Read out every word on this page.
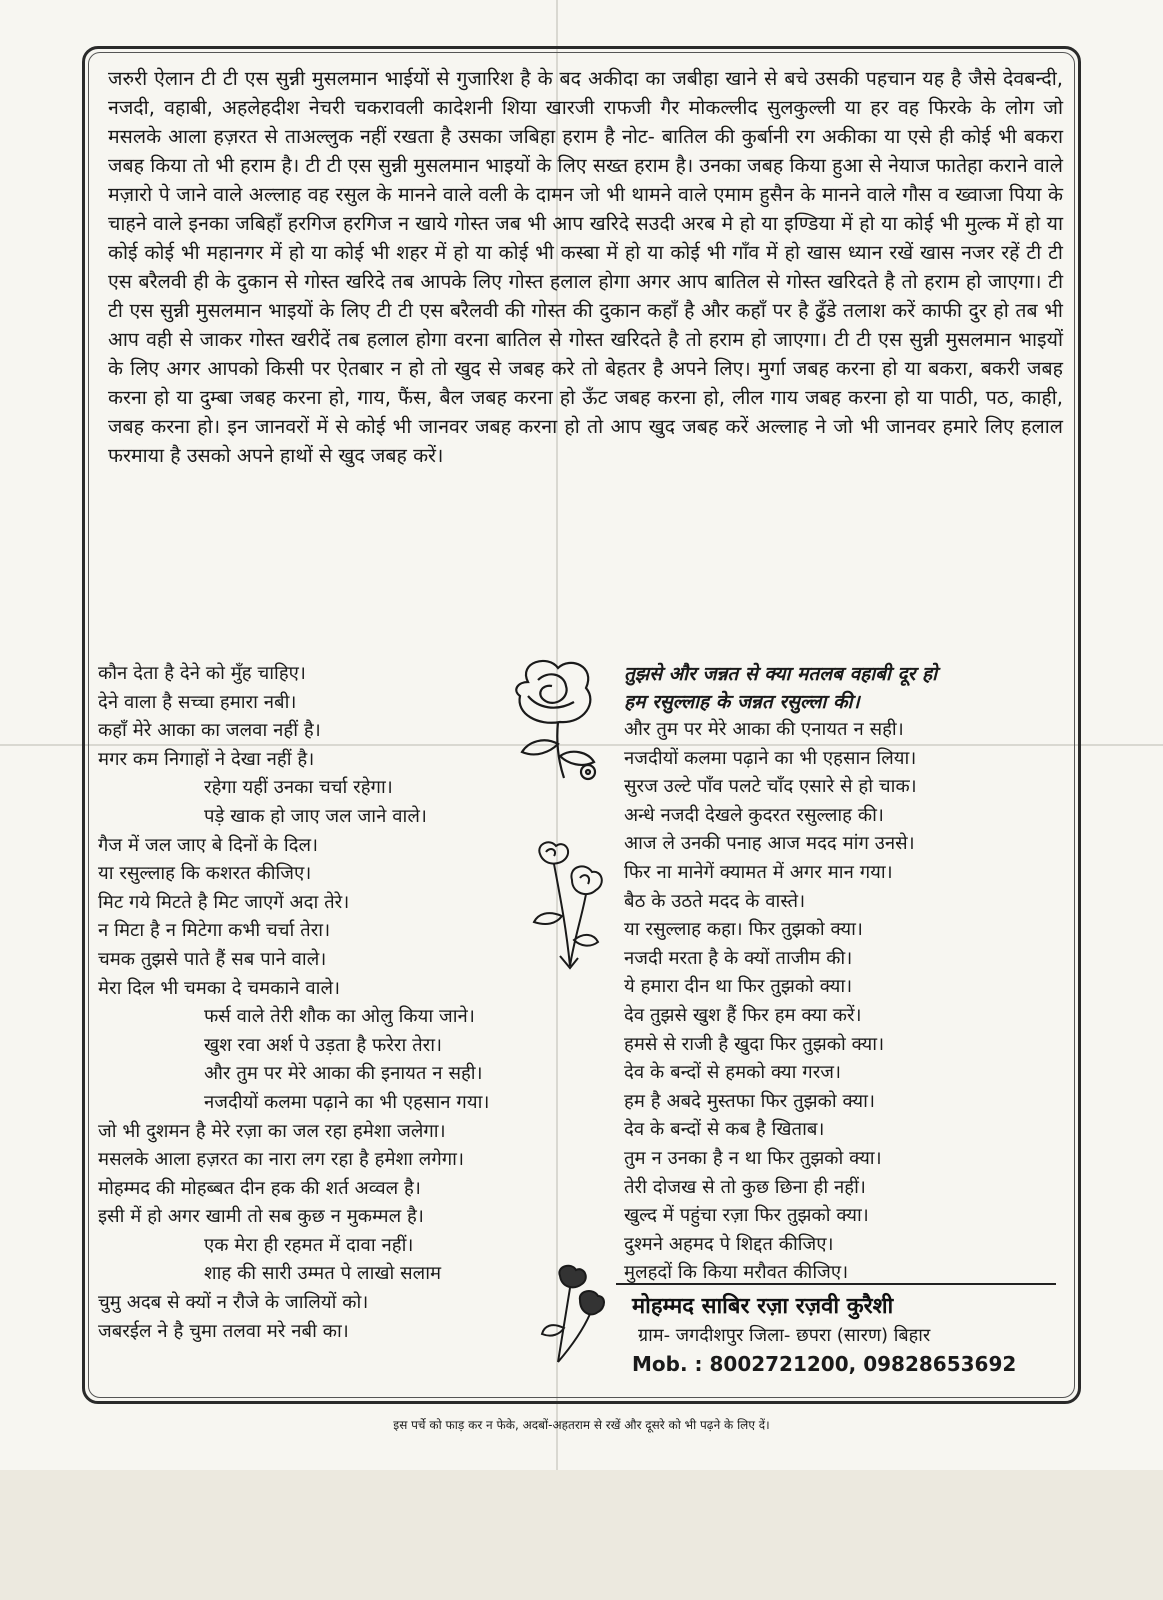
जरुरी ऐलान टी टी एस सुन्नी मुसलमान भाईयों से गुजारिश है के बद अकीदा का जबीहा खाने से बचे उसकी पहचान यह है जैसे देवबन्दी, नजदी, वहाबी, अहलेहदीश नेचरी चकरावली कादेशनी शिया खारजी राफजी गैर मोकल्लीद सुलकुल्ली या हर वह फिरके के लोग जो मसलके आला हज़रत से ताअल्लुक नहीं रखता है उसका जबिहा हराम है नोट- बातिल की कुर्बानी रग अकीका या एसे ही कोई भी बकरा जबह किया तो भी हराम है। टी टी एस सुन्नी मुसलमान भाइयों के लिए सख्त हराम है। उनका जबह किया हुआ से नेयाज फातेहा कराने वाले मज़ारो पे जाने वाले अल्लाह वह रसुल के मानने वाले वली के दामन जो भी थामने वाले एमाम हुसैन के मानने वाले गौस व ख्वाजा पिया के चाहने वाले इनका जबिहाँ हरगिज हरगिज न खाये गोस्त जब भी आप खरिदे सउदी अरब मे हो या इण्डिया में हो या कोई भी मुल्क में हो या कोई कोई भी महानगर में हो या कोई भी शहर में हो या कोई भी कस्बा में हो या कोई भी गाँव में हो खास ध्यान रखें खास नजर रहें टी टी एस बरैलवी ही के दुकान से गोस्त खरिदे तब आपके लिए गोस्त हलाल होगा अगर आप बातिल से गोस्त खरिदते है तो हराम हो जाएगा। टी टी एस सुन्नी मुसलमान भाइयों के लिए टी टी एस बरैलवी की गोस्त की दुकान कहाँ है और कहाँ पर है ढुँडे तलाश करें काफी दुर हो तब भी आप वही से जाकर गोस्त खरीदें तब हलाल होगा वरना बातिल से गोस्त खरिदते है तो हराम हो जाएगा। टी टी एस सुन्नी मुसलमान भाइयों के लिए अगर आपको किसी पर ऐतबार न हो तो खुद से जबह करे तो बेहतर है अपने लिए। मुर्गा जबह करना हो या बकरा, बकरी जबह करना हो या दुम्बा जबह करना हो, गाय, फैंस, बैल जबह करना हो ऊँट जबह करना हो, लील गाय जबह करना हो या पाठी, पठ, काही, जबह करना हो। इन जानवरों में से कोई भी जानवर जबह करना हो तो आप खुद जबह करें अल्लाह ने जो भी जानवर हमारे लिए हलाल फरमाया है उसको अपने हाथों से खुद जबह करें।

कौन देता है देने को मुँह चाहिए।
देने वाला है सच्चा हमारा नबी।
कहाँ मेरे आका का जलवा नहीं है।
मगर कम निगाहों ने देखा नहीं है।
रहेगा यहीं उनका चर्चा रहेगा।
पड़े खाक हो जाए जल जाने वाले।
गैज में जल जाए बे दिनों के दिल।
या रसुल्लाह कि कशरत कीजिए।
मिट गये मिटते है मिट जाएगें अदा तेरे।
न मिटा है न मिटेगा कभी चर्चा तेरा।
चमक तुझसे पाते हैं सब पाने वाले।
मेरा दिल भी चमका दे चमकाने वाले।
फर्स वाले तेरी शौक का ओलु किया जाने।
खुश रवा अर्श पे उड़ता है फरेरा तेरा।
और तुम पर मेरे आका की इनायत न सही।
नजदीयों कलमा पढ़ाने का भी एहसान गया।
जो भी दुशमन है मेरे रज़ा का जल रहा हमेशा जलेगा।
मसलके आला हज़रत का नारा लग रहा है हमेशा लगेगा।
मोहम्मद की मोहब्बत दीन हक की शर्त अव्वल है।
इसी में हो अगर खामी तो सब कुछ न मुकम्मल है।
एक मेरा ही रहमत में दावा नहीं।
शाह की सारी उम्मत पे लाखो सलाम
चुमु अदब से क्यों न रौजे के जालियों को।
जबरईल ने है चुमा तलवा मरे नबी का।
तुझसे और जन्नत से क्या मतलब वहाबी दूर हो
हम रसुल्लाह के जन्नत रसुल्ला की।
और तुम पर मेरे आका की एनायत न सही।
नजदीयों कलमा पढ़ाने का भी एहसान लिया।
सुरज उल्टे पाँव पलटे चाँद एसारे से हो चाक।
अन्धे नजदी देखले कुदरत रसुल्लाह की।
आज ले उनकी पनाह आज मदद मांग उनसे।
फिर ना मानेगें क्यामत में अगर मान गया।
बैठ के उठते मदद के वास्ते।
या रसुल्लाह कहा। फिर तुझको क्या।
नजदी मरता है के क्यों ताजीम की।
ये हमारा दीन था फिर तुझको क्या।
देव तुझसे खुश हैं फिर हम क्या करें।
हमसे से राजी है खुदा फिर तुझको क्या।
देव के बन्दों से हमको क्या गरज।
हम है अबदे मुस्तफा फिर तुझको क्या।
देव के बन्दों से कब है खिताब।
तुम न उनका है न था फिर तुझको क्या।
तेरी दोजख से तो कुछ छिना ही नहीं।
खुल्द में पहुंचा रज़ा फिर तुझको क्या।
दुश्मने अहमद पे शिद्दत कीजिए।
मुलहदों कि किया मरौवत कीजिए।
मोहम्मद साबिर रज़ा रज़वी कुरैशी
ग्राम- जगदीशपुर जिला- छपरा (सारण) बिहार
Mob. : 8002721200, 09828653692
इस पर्चे को फाड़ कर न फेके, अदबों-अहतराम से रखें और दूसरे को भी पढ़ने के लिए दें।
